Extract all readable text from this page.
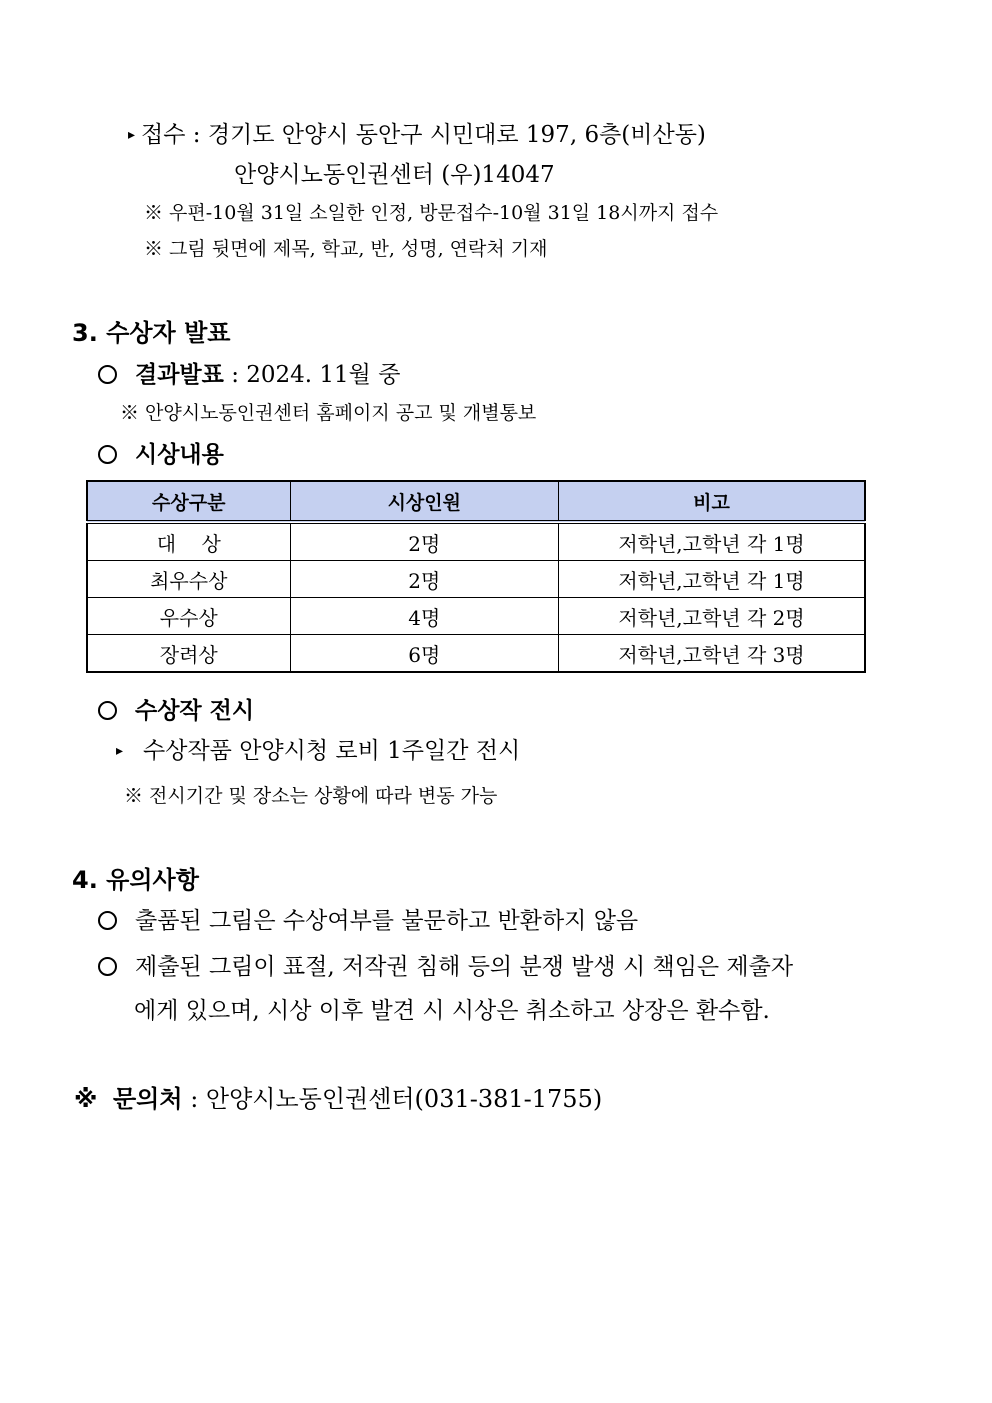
▸ 접수 : 경기도 안양시 동안구 시민대로 197, 6층(비산동)
안양시노동인권센터 (우)14047
※ 우편-10월 31일 소일한 인정, 방문접수-10월 31일 18시까지 접수
※ 그림 뒷면에 제목, 학교, 반, 성명, 연락처 기재
3. 수상자 발표
결과발표 : 2024. 11월 중
※ 안양시노동인권센터 홈페이지 공고 및 개별통보
시상내용
수상구분	시상인원	비고
대    상	2명	저학년,고학년 각 1명
최우수상	2명	저학년,고학년 각 1명
우수상	4명	저학년,고학년 각 2명
장려상	6명	저학년,고학년 각 3명
수상작 전시
▸ 수상작품 안양시청 로비 1주일간 전시
※ 전시기간 및 장소는 상황에 따라 변동 가능
4. 유의사항
출품된 그림은 수상여부를 불문하고 반환하지 않음
제출된 그림이 표절, 저작권 침해 등의 분쟁 발생 시 책임은 제출자
에게 있으며, 시상 이후 발견 시 시상은 취소하고 상장은 환수함.
※ 문의처 : 안양시노동인권센터(031-381-1755)
